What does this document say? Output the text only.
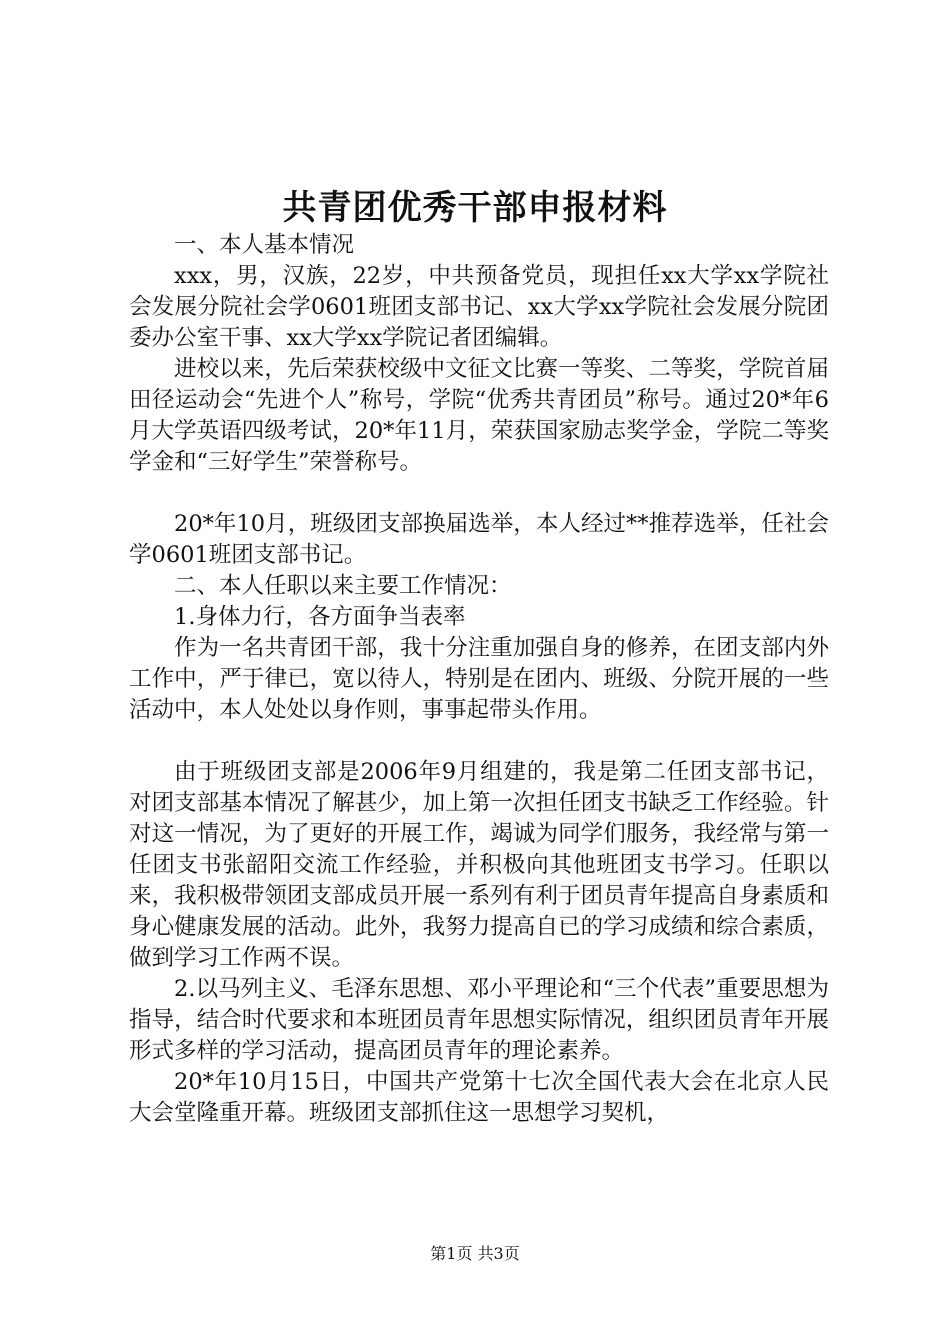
共青团优秀干部申报材料

一、本人基本情况

xxx，男，汉族，22岁，中共预备党员，现担任xx大学xx学院社会发展分院社会学0601班团支部书记、xx大学xx学院社会发展分院团委办公室干事、xx大学xx学院记者团编辑。

进校以来，先后荣获校级中文征文比赛一等奖、二等奖，学院首届田径运动会“先进个人”称号，学院“优秀共青团员”称号。通过20*年6月大学英语四级考试，20*年11月，荣获国家励志奖学金，学院二等奖学金和“三好学生”荣誉称号。

20*年10月，班级团支部换届选举，本人经过**推荐选举，任社会学0601班团支部书记。

二、本人任职以来主要工作情况：

1.身体力行，各方面争当表率

作为一名共青团干部，我十分注重加强自身的修养，在团支部内外工作中，严于律已，宽以待人，特别是在团内、班级、分院开展的一些活动中，本人处处以身作则，事事起带头作用。

由于班级团支部是2006年9月组建的，我是第二任团支部书记，对团支部基本情况了解甚少，加上第一次担任团支书缺乏工作经验。针对这一情况，为了更好的开展工作，竭诚为同学们服务，我经常与第一任团支书张韶阳交流工作经验，并积极向其他班团支书学习。任职以来，我积极带领团支部成员开展一系列有利于团员青年提高自身素质和身心健康发展的活动。此外，我努力提高自已的学习成绩和综合素质，做到学习工作两不误。

2.以马列主义、毛泽东思想、邓小平理论和“三个代表”重要思想为指导，结合时代要求和本班团员青年思想实际情况，组织团员青年开展形式多样的学习活动，提高团员青年的理论素养。

20*年10月15日，中国共产党第十七次全国代表大会在北京人民大会堂隆重开幕。班级团支部抓住这一思想学习契机，

第1页 共3页
